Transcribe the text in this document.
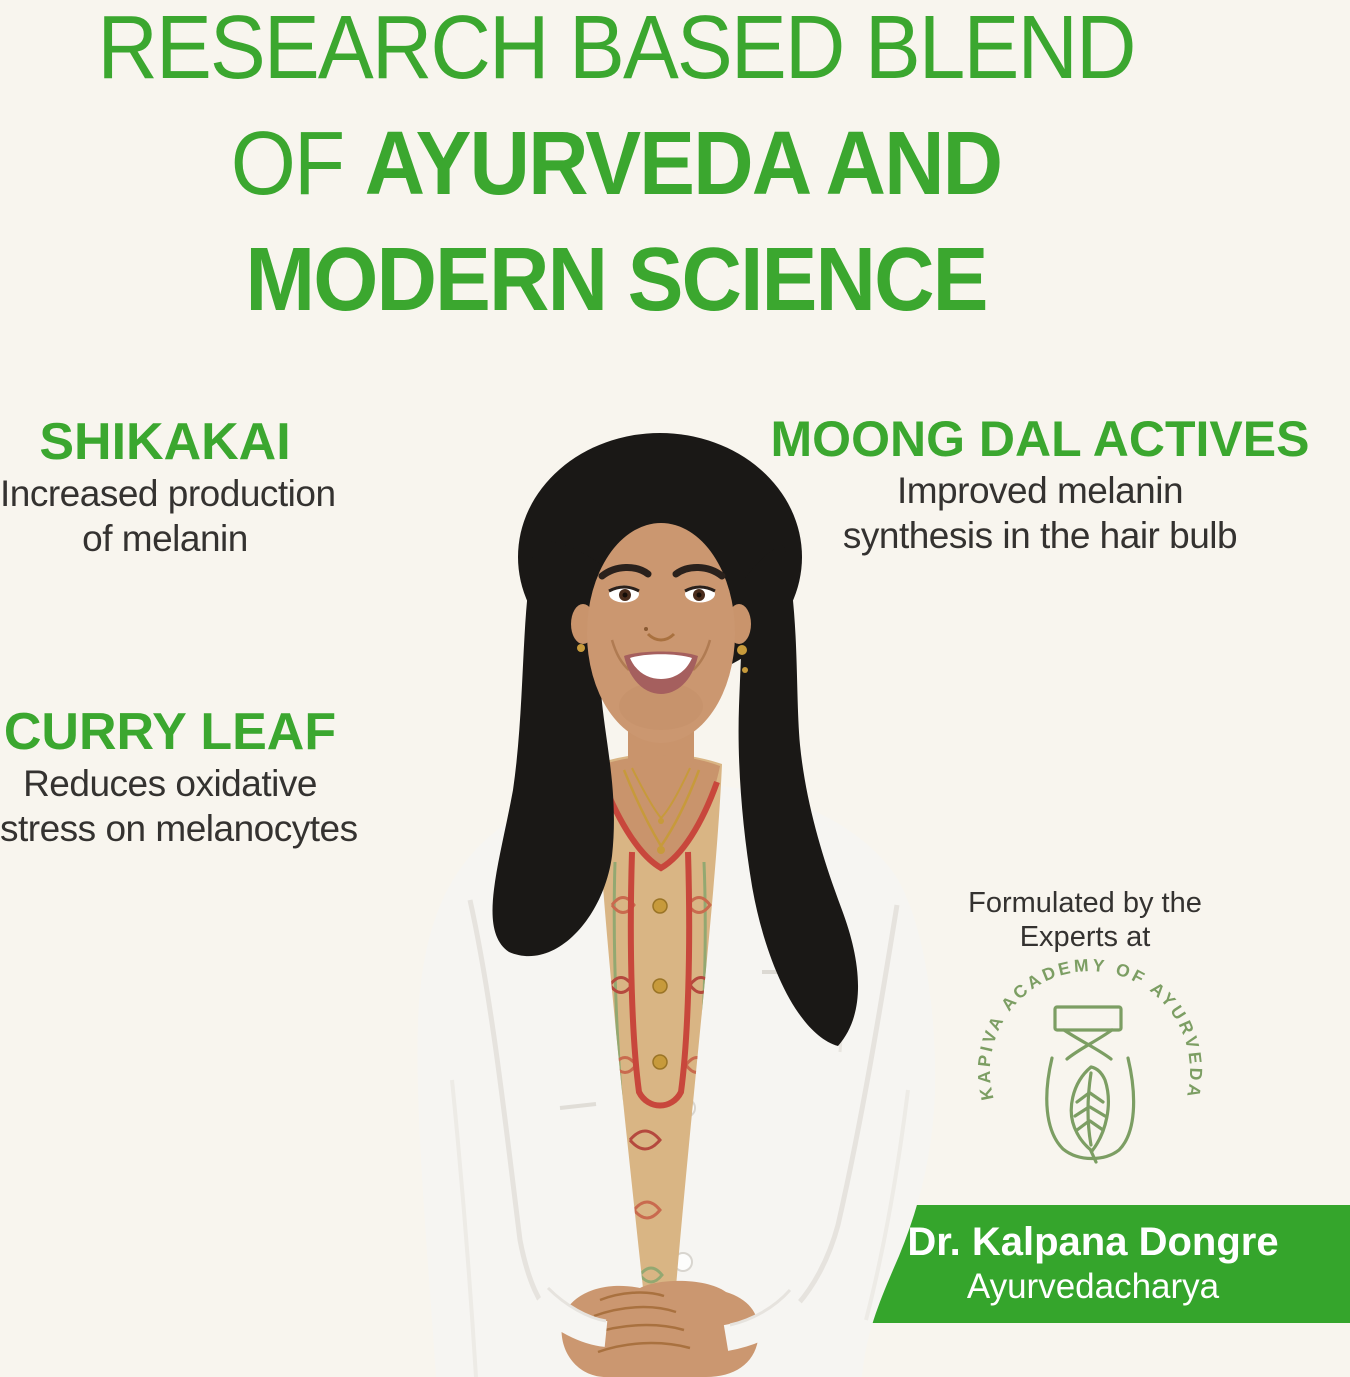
RESEARCH BASED BLEND
OF AYURVEDA AND
MODERN SCIENCE
SHIKAKAI
Increased production
of melanin
MOONG DAL ACTIVES
Improved melanin
synthesis in the hair bulb
CURRY LEAF
Reduces oxidative
stress on melanocytes
Formulated by the
Experts at
KAPIVA ACADEMY OF AYURVEDA
Dr. Kalpana Dongre
Ayurvedacharya
